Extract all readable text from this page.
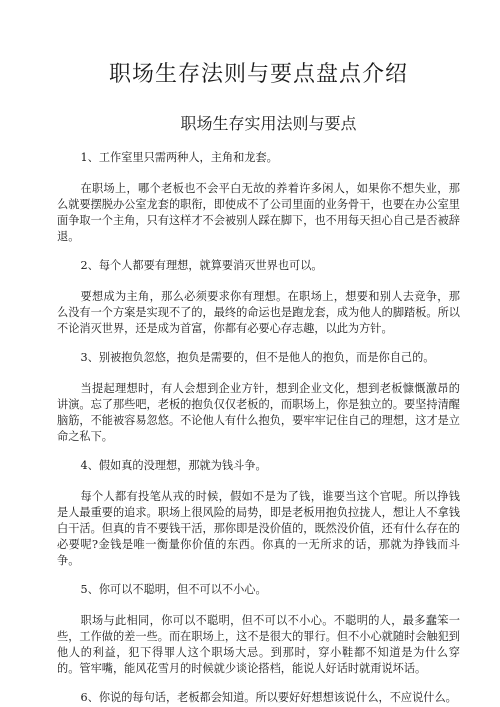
职场生存法则与要点盘点介绍
职场生存实用法则与要点

1、工作室里只需两种人，主角和龙套。

在职场上，哪个老板也不会平白无故的养着许多闲人，如果你不想失业，那么就要摆脱办公室龙套的职衔，即使成不了公司里面的业务骨干，也要在办公室里面争取一个主角，只有这样才不会被别人踩在脚下，也不用每天担心自己是否被辞退。

2、每个人都要有理想，就算要消灭世界也可以。

要想成为主角，那么必须要求你有理想。在职场上，想要和别人去竞争，那么没有一个方案是实现不了的，最终的命运也是跑龙套，成为他人的脚踏板。所以不论消灭世界，还是成为首富，你都有必要心存志趣，以此为方针。

3、别被抱负忽悠，抱负是需要的，但不是他人的抱负，而是你自己的。

当提起理想时，有人会想到企业方针，想到企业文化，想到老板慷慨激昂的讲演。忘了那些吧，老板的抱负仅仅老板的，而职场上，你是独立的。要坚持清醒脑筋，不能被容易忽悠。不论他人有什么抱负，要牢牢记住自己的理想，这才是立命之私下。

4、假如真的没理想，那就为钱斗争。

每个人都有投笔从戎的时候，假如不是为了钱，谁要当这个官呢。所以挣钱是人最重要的追求。职场上很风险的局势，即是老板用抱负拉拢人，想让人不拿钱白干活。但真的肯不要钱干活，那你即是没价值的，既然没价值，还有什么存在的必要呢?金钱是唯一衡量你价值的东西。你真的一无所求的话，那就为挣钱而斗争。

5、你可以不聪明，但不可以不小心。

职场与此相同，你可以不聪明，但不可以不小心。不聪明的人，最多蠢笨一些，工作做的差一些。而在职场上，这不是很大的罪行。但不小心就随时会触犯到他人的利益，犯下得罪人这个职场大忌。到那时，穿小鞋都不知道是为什么穿 的。管牢嘴，能风花雪月的时候就少谈论搭档，能说人好话时就甭说坏话。

6、你说的每句话，老板都会知道。所以要好好想想该说什么，不应说什么。
